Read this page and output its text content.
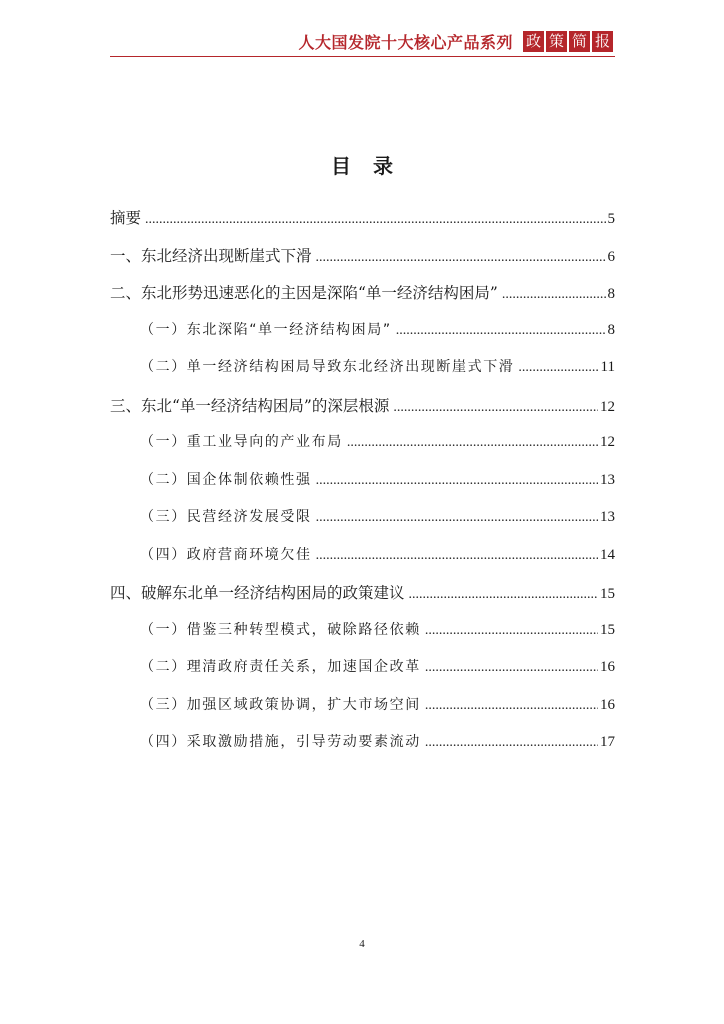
人大国发院十大核心产品系列 政 策 简 报
目录
摘要 .....	5
一、东北经济出现断崖式下滑 .....	6
二、东北形势迅速恶化的主因是深陷“单一经济结构困局” .....	8
（一）东北深陷“单一经济结构困局” .....	8
（二）单一经济结构困局导致东北经济出现断崖式下滑 .....	11
三、东北“单一经济结构困局”的深层根源 .....	12
（一）重工业导向的产业布局 .....	12
（二）国企体制依赖性强 .....	13
（三）民营经济发展受限 .....	13
（四）政府营商环境欠佳 .....	14
四、破解东北单一经济结构困局的政策建议 .....	15
（一）借鉴三种转型模式，破除路径依赖 .....	15
（二）理清政府责任关系，加速国企改革 .....	16
（三）加强区域政策协调，扩大市场空间 .....	16
（四）采取激励措施，引导劳动要素流动 .....	17
4
